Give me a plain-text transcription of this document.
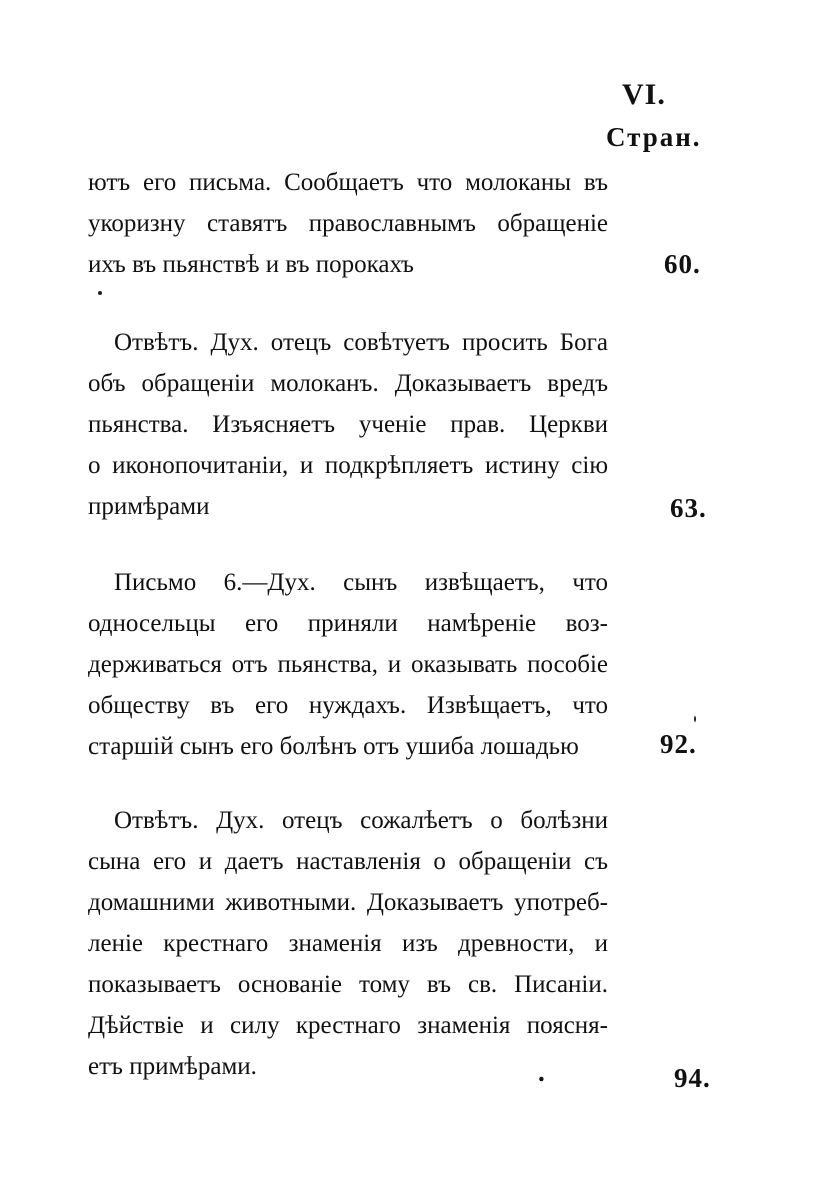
VI.
Стран.
ютъ его письма. Сообщаетъ что молоканы въ
укоризну ставятъ православнымъ обращеніе
ихъ въ пьянствѣ и въ порокахъ	60.
Отвѣтъ. Дух. отецъ совѣтуетъ просить Бога
объ обращеніи молоканъ. Доказываетъ вредъ
пьянства. Изъясняетъ ученіе прав. Церкви
о иконопочитаніи, и подкрѣпляетъ истину сію
примѣрами	63.
Письмо 6.—Дух. сынъ извѣщаетъ, что
односельцы его приняли намѣреніе воз-
держиваться отъ пьянства, и оказывать пособіе
обществу въ его нуждахъ. Извѣщаетъ, что
старшій сынъ его болѣнъ отъ ушиба лошадью	92.
Отвѣтъ. Дух. отецъ сожалѣетъ о болѣзни
сына его и даетъ наставленія о обращеніи съ
домашними животными. Доказываетъ употреб-
леніе крестнаго знаменія изъ древности, и
показываетъ основаніе тому въ св. Писаніи.
Дѣйствіе и силу крестнаго знаменія поясня-
етъ примѣрами.	.	94.
